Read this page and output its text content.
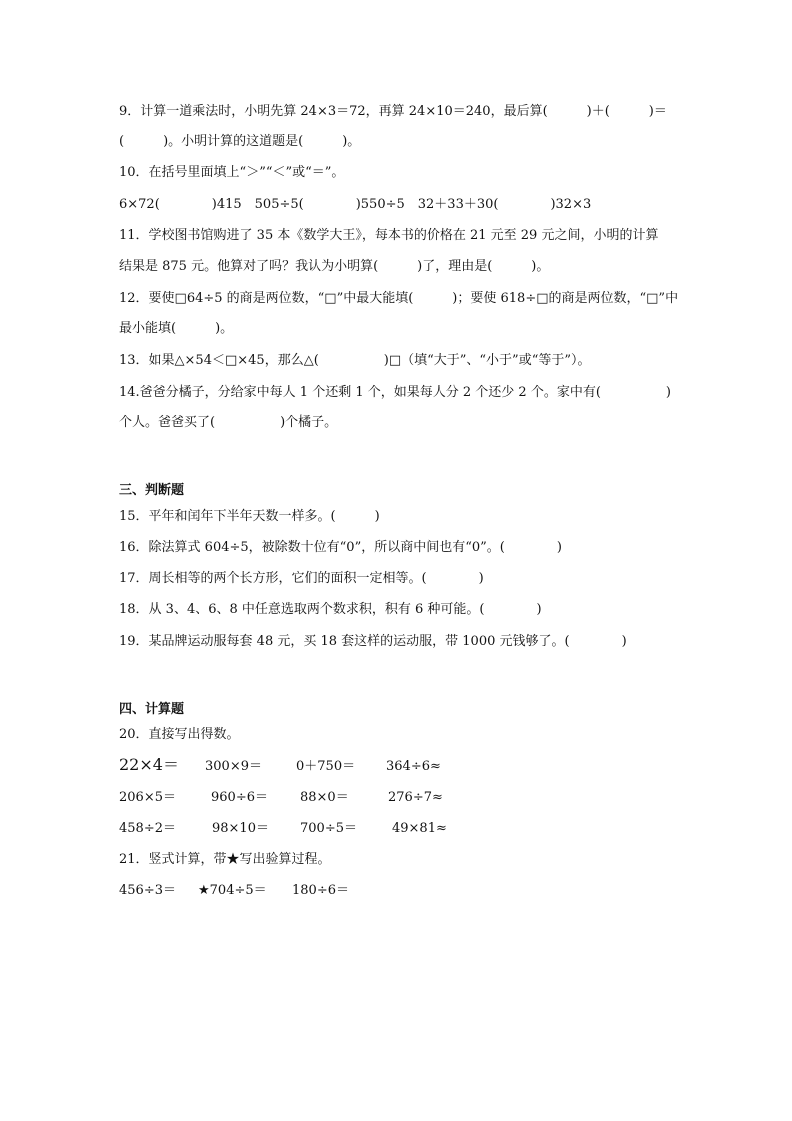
9．计算一道乘法时，小明先算 24×3＝72，再算 24×10＝240，最后算(　　　)＋(　　　)＝
(　　　)。小明计算的这道题是(　　　)。
10．在括号里面填上“＞”“＜”或“＝”。
6×72(　　　　)415　505÷5(　　　　)550÷5　32＋33＋30(　　　　)32×3
11．学校图书馆购进了 35 本《数学大王》，每本书的价格在 21 元至 29 元之间，小明的计算
结果是 875 元。他算对了吗？我认为小明算(　　　)了，理由是(　　　)。
12．要使□64÷5 的商是两位数，“□”中最大能填(　　　)；要使 618÷□的商是两位数，“□”中
最小能填(　　　)。
13．如果△×54＜□×45，那么△(　　　　　)□（填“大于”、“小于”或“等于”）。
14.爸爸分橘子，分给家中每人 1 个还剩 1 个，如果每人分 2 个还少 2 个。家中有(　　　　　)
个人。爸爸买了(　　　　　)个橘子。
三、判断题
15．平年和闰年下半年天数一样多。(　　　)
16．除法算式 604÷5，被除数十位有“0”，所以商中间也有“0”。(　　　　)
17．周长相等的两个长方形，它们的面积一定相等。(　　　　)
18．从 3、4、6、8 中任意选取两个数求积，积有 6 种可能。(　　　　)
19．某品牌运动服每套 48 元，买 18 套这样的运动服，带 1000 元钱够了。(　　　　)
四、计算题
20．直接写出得数。
22×4＝ 300×9＝	0＋750＝ 364÷6≈
206×5＝	960÷6＝ 88×0＝	276÷7≈
458÷2＝	98×10＝ 700÷5＝	49×81≈
21．竖式计算，带★写出验算过程。
456÷3＝ ★704÷5＝ 180÷6＝
